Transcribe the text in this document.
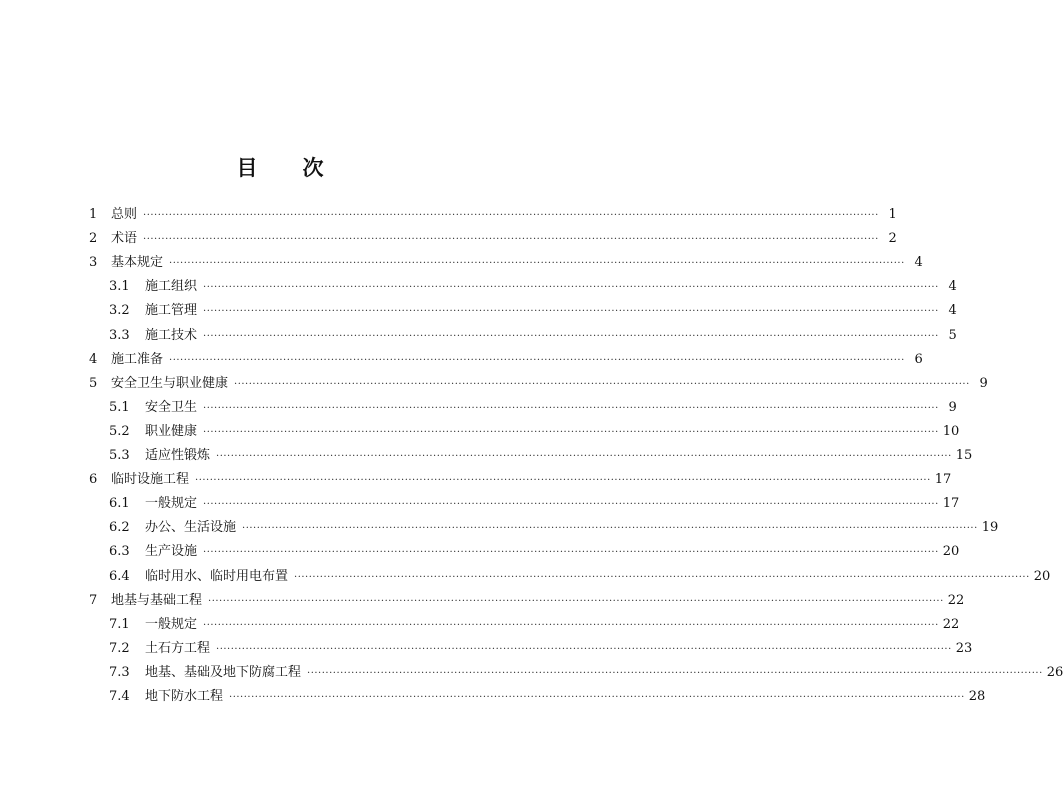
目 次
1 总则 ········································································································································································································ 1
2 术语 ········································································································································································································ 2
3 基本规定 ········································································································································································································ 4
3.1 施工组织 ········································································································································································································ 4
3.2 施工管理 ········································································································································································································ 4
3.3 施工技术 ········································································································································································································ 5
4 施工准备 ········································································································································································································ 6
5 安全卫生与职业健康 ········································································································································································································ 9
5.1 安全卫生 ········································································································································································································ 9
5.2 职业健康 ········································································································································································································ 10
5.3 适应性锻炼 ········································································································································································································ 15
6 临时设施工程 ········································································································································································································ 17
6.1 一般规定 ········································································································································································································ 17
6.2 办公、生活设施 ········································································································································································································ 19
6.3 生产设施 ········································································································································································································ 20
6.4 临时用水、临时用电布置 ········································································································································································································ 20
7 地基与基础工程 ········································································································································································································ 22
7.1 一般规定 ········································································································································································································ 22
7.2 土石方工程 ········································································································································································································ 23
7.3 地基、基础及地下防腐工程 ········································································································································································································ 26
7.4 地下防水工程 ········································································································································································································ 28
